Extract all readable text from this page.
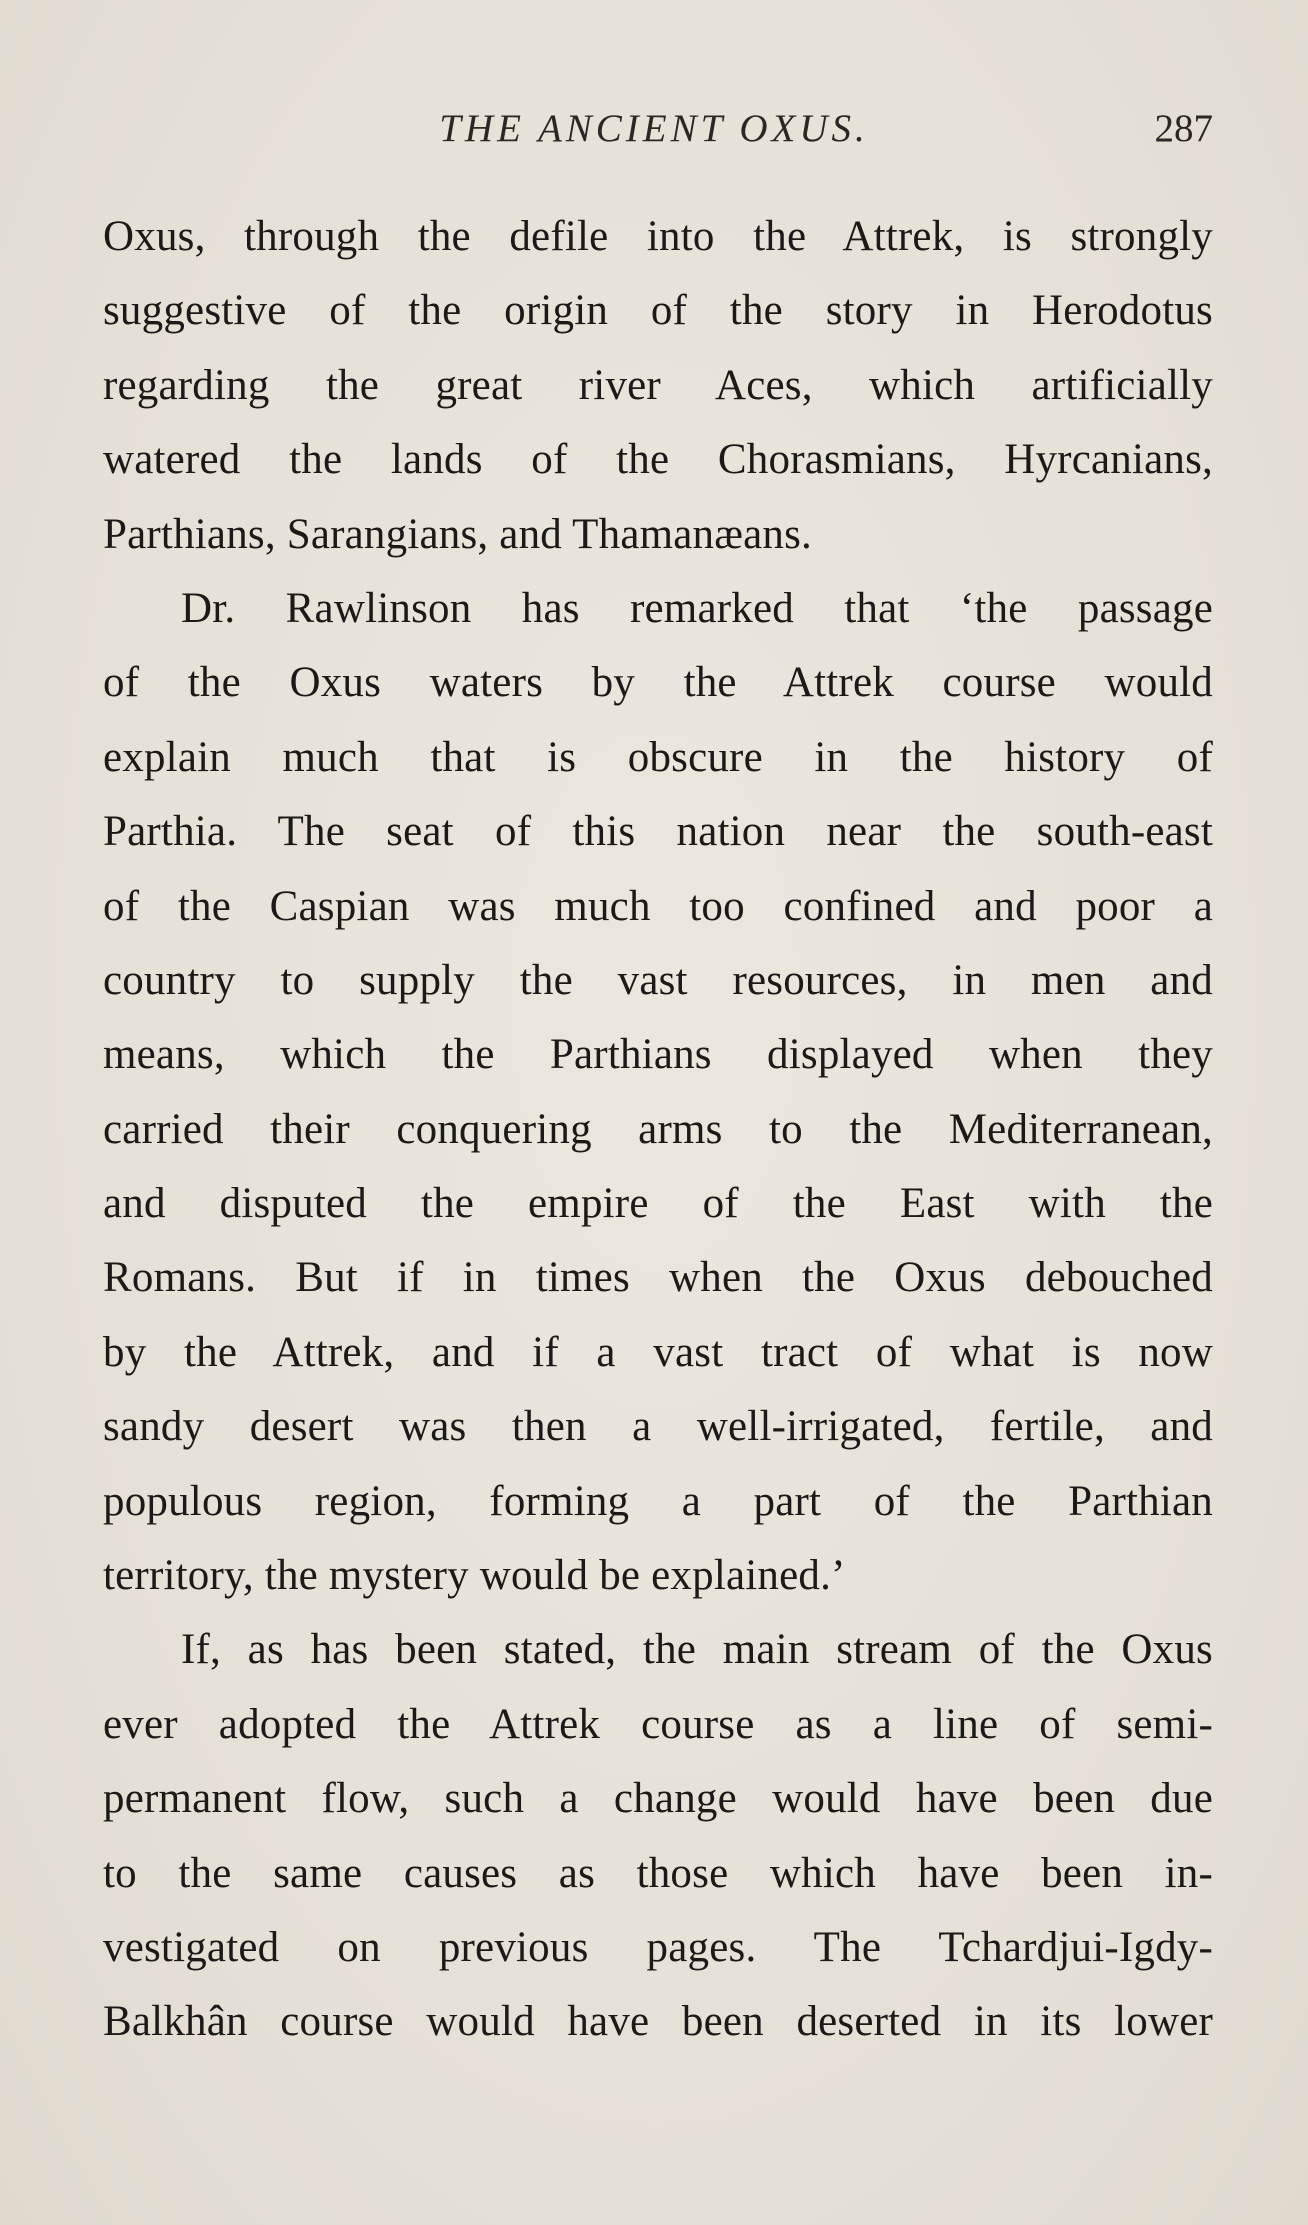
THE ANCIENT OXUS.	287
Oxus, through the defile into the Attrek, is strongly
suggestive of the origin of the story in Herodotus
regarding the great river Aces, which artificially
watered the lands of the Chorasmians, Hyrcanians,
Parthians, Sarangians, and Thamanæans.
Dr. Rawlinson has remarked that ‘the passage
of the Oxus waters by the Attrek course would
explain much that is obscure in the history of
Parthia. The seat of this nation near the south-east
of the Caspian was much too confined and poor a
country to supply the vast resources, in men and
means, which the Parthians displayed when they
carried their conquering arms to the Mediterranean,
and disputed the empire of the East with the
Romans. But if in times when the Oxus debouched
by the Attrek, and if a vast tract of what is now
sandy desert was then a well-irrigated, fertile, and
populous region, forming a part of the Parthian
territory, the mystery would be explained.’
If, as has been stated, the main stream of the Oxus
ever adopted the Attrek course as a line of semi-
permanent flow, such a change would have been due
to the same causes as those which have been in-
vestigated on previous pages. The Tchardjui-Igdy-
Balkhân course would have been deserted in its lower
